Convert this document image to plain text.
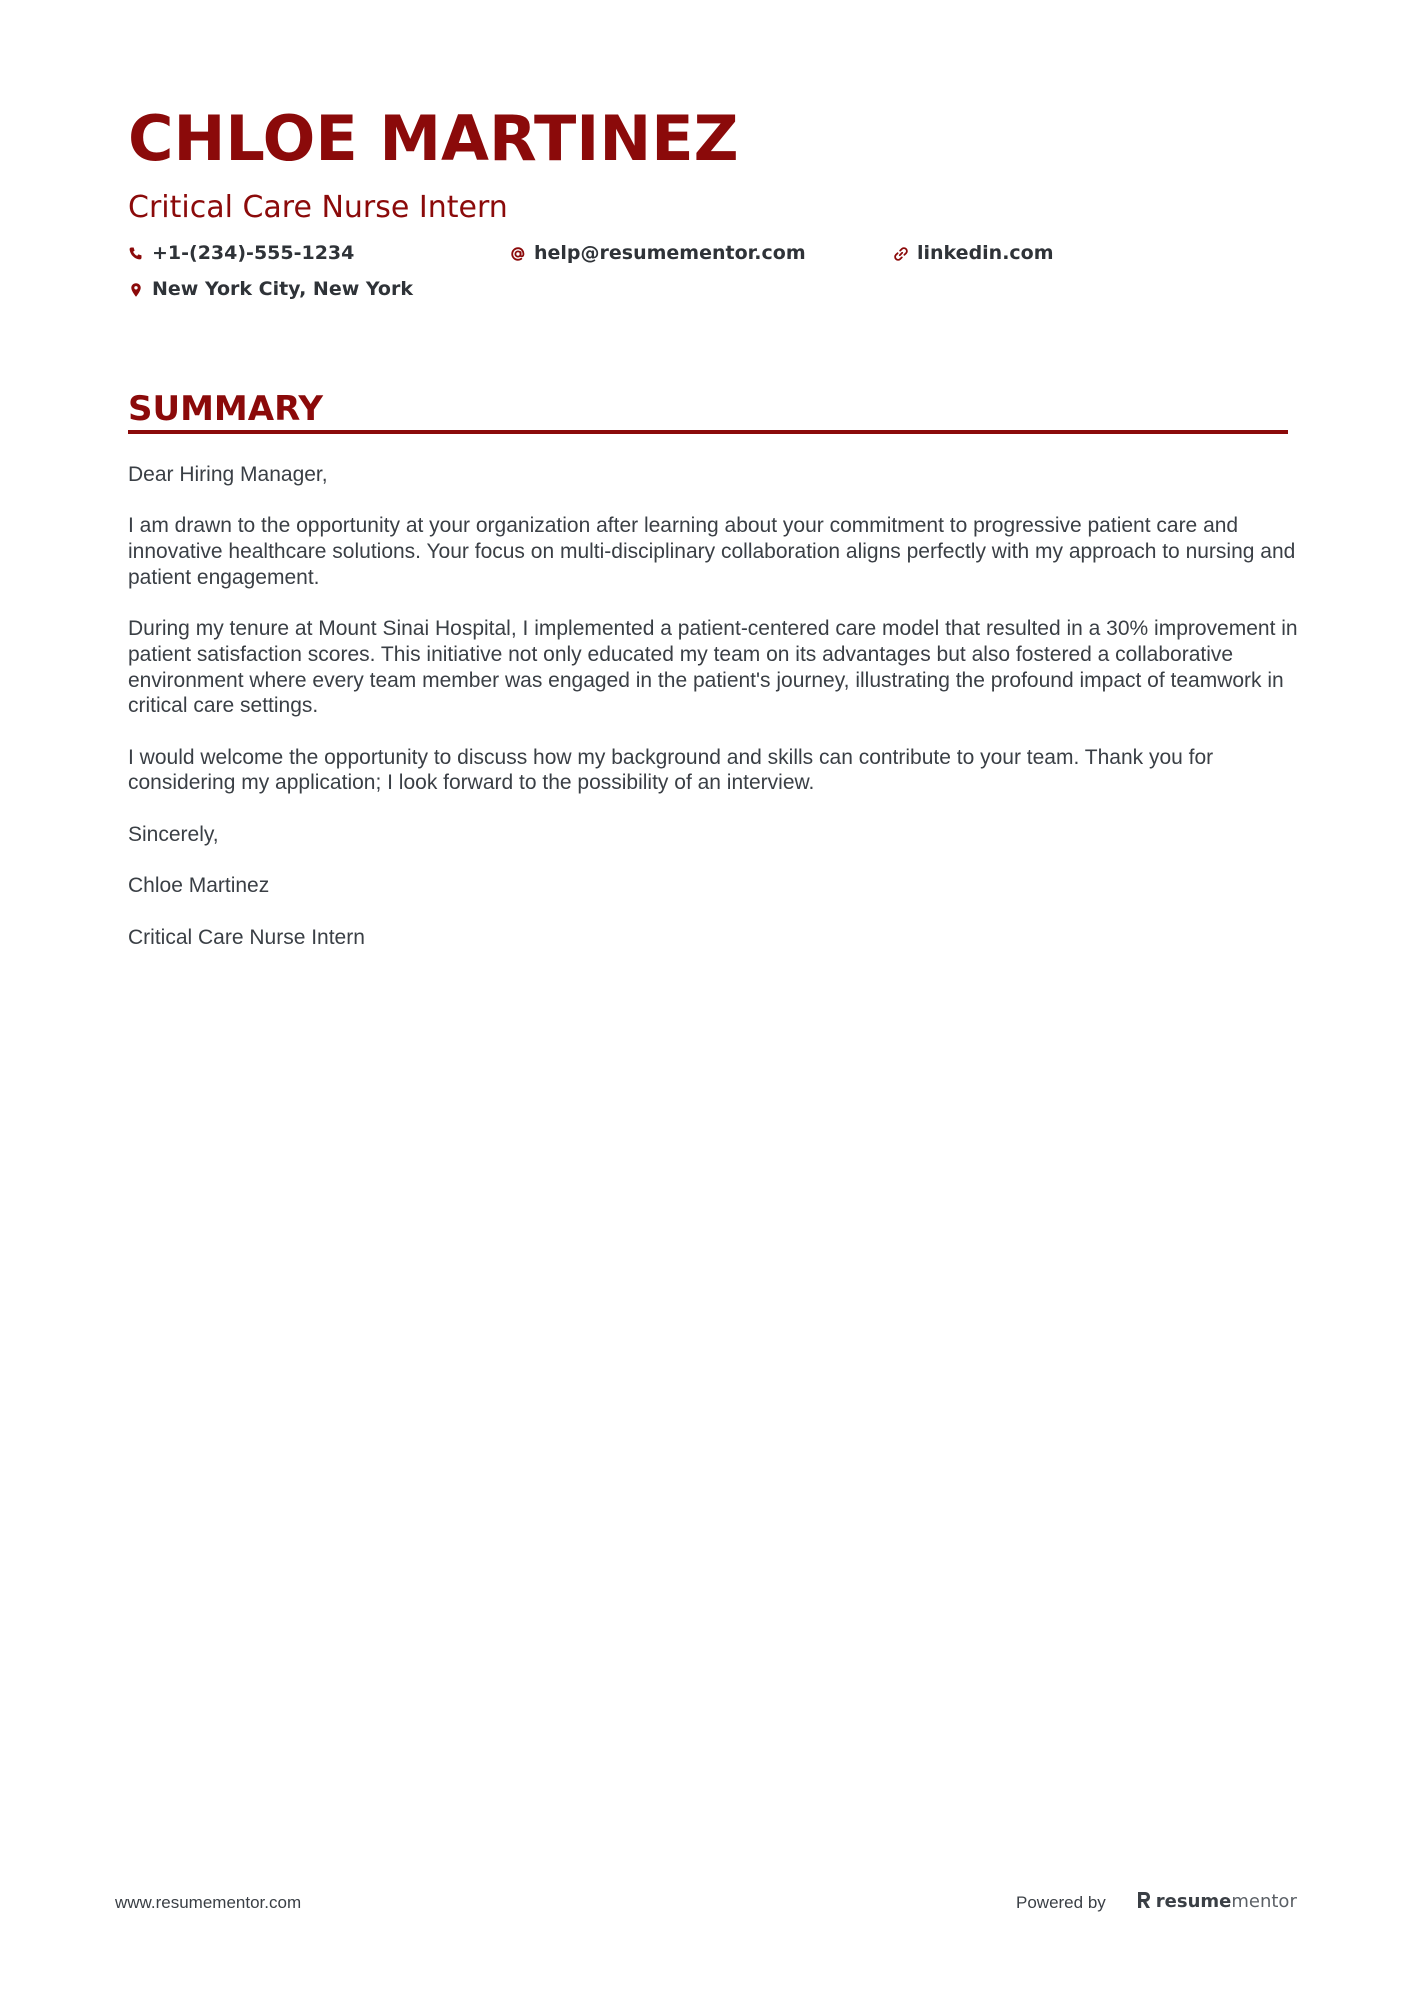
CHLOE MARTINEZ
Critical Care Nurse Intern
+1-(234)-555-1234	help@resumementor.com	linkedin.com
New York City, New York
SUMMARY

Dear Hiring Manager,

I am drawn to the opportunity at your organization after learning about your commitment to progressive patient care and innovative healthcare solutions. Your focus on multi-disciplinary collaboration aligns perfectly with my approach to nursing and patient engagement.

During my tenure at Mount Sinai Hospital, I implemented a patient-centered care model that resulted in a 30% improvement in patient satisfaction scores. This initiative not only educated my team on its advantages but also fostered a collaborative environment where every team member was engaged in the patient's journey, illustrating the profound impact of teamwork in critical care settings.

I would welcome the opportunity to discuss how my background and skills can contribute to your team. Thank you for considering my application; I look forward to the possibility of an interview.

Sincerely,

Chloe Martinez

Critical Care Nurse Intern

www.resumementor.com	Powered by	resume mentor
